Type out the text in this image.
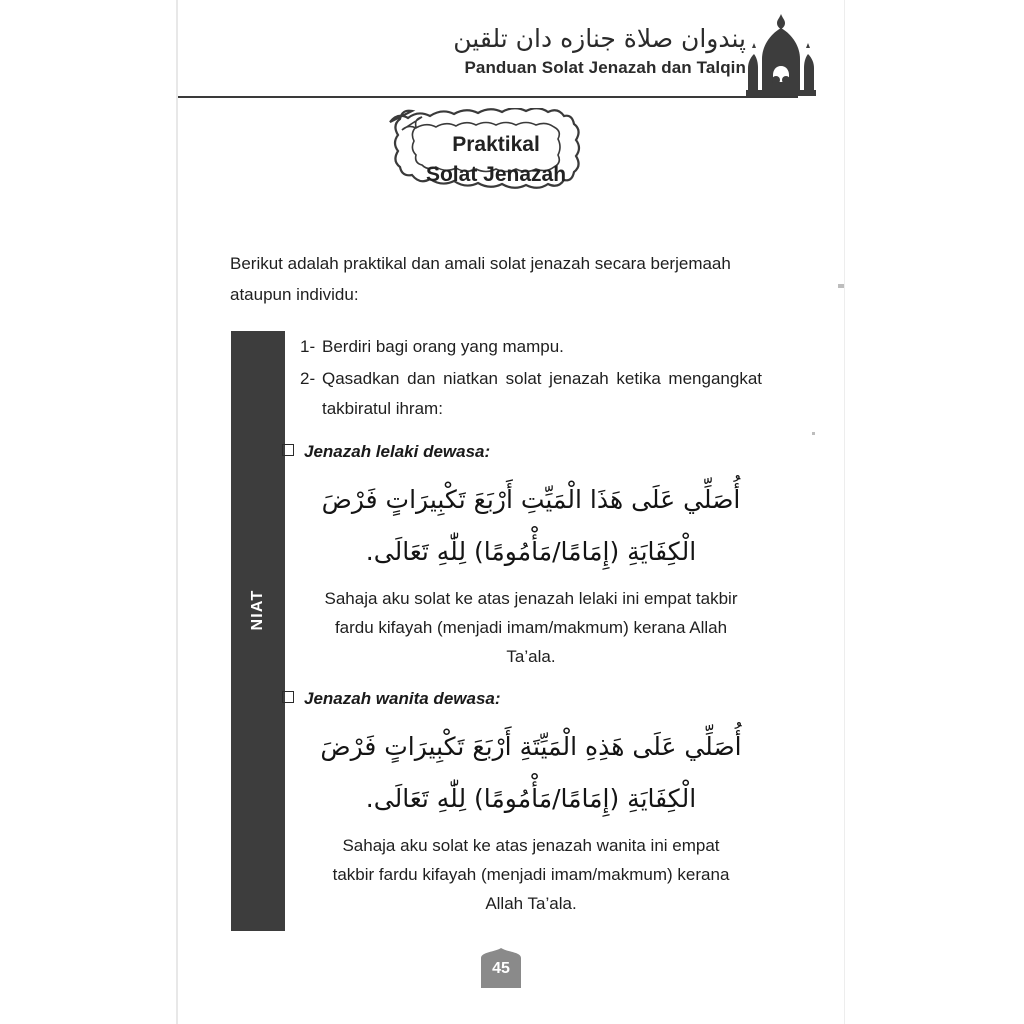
پندوان صلاة جنازه دان تلقين
Panduan Solat Jenazah dan Talqin
Praktikal
Solat Jenazah
Berikut adalah praktikal dan amali solat jenazah secara berjemaah ataupun individu:
NIAT
1- Berdiri bagi orang yang mampu.
2- Qasadkan dan niatkan solat jenazah ketika mengangkat takbiratul ihram:
Jenazah lelaki dewasa:
أُصَلِّي عَلَى هَذَا الْمَيِّتِ أَرْبَعَ تَكْبِيرَاتٍ فَرْضَ الْكِفَايَةِ (إِمَامًا/مَأْمُومًا) لِلّٰهِ تَعَالَى.
Sahaja aku solat ke atas jenazah lelaki ini empat takbir fardu kifayah (menjadi imam/makmum) kerana Allah Ta’ala.
Jenazah wanita dewasa:
أُصَلِّي عَلَى هَذِهِ الْمَيِّتَةِ أَرْبَعَ تَكْبِيرَاتٍ فَرْضَ الْكِفَايَةِ (إِمَامًا/مَأْمُومًا) لِلّٰهِ تَعَالَى.
Sahaja aku solat ke atas jenazah wanita ini empat takbir fardu kifayah (menjadi imam/makmum) kerana Allah Ta’ala.
45
